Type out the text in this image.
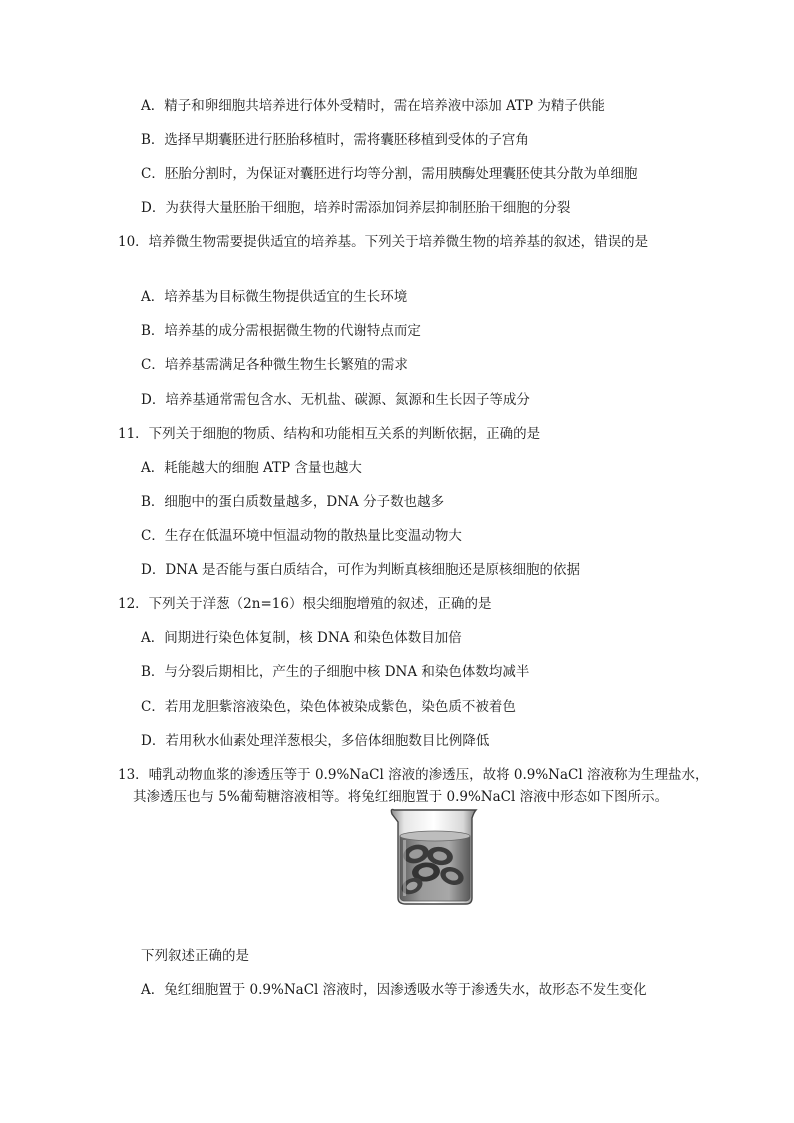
A．精子和卵细胞共培养进行体外受精时，需在培养液中添加 ATP 为精子供能
B．选择早期囊胚进行胚胎移植时，需将囊胚移植到受体的子宫角
C．胚胎分割时，为保证对囊胚进行均等分割，需用胰酶处理囊胚使其分散为单细胞
D．为获得大量胚胎干细胞，培养时需添加饲养层抑制胚胎干细胞的分裂
10．培养微生物需要提供适宜的培养基。下列关于培养微生物的培养基的叙述，错误的是
A．培养基为目标微生物提供适宜的生长环境
B．培养基的成分需根据微生物的代谢特点而定
C．培养基需满足各种微生物生长繁殖的需求
D．培养基通常需包含水、无机盐、碳源、氮源和生长因子等成分
11．下列关于细胞的物质、结构和功能相互关系的判断依据，正确的是
A．耗能越大的细胞 ATP 含量也越大
B．细胞中的蛋白质数量越多，DNA 分子数也越多
C．生存在低温环境中恒温动物的散热量比变温动物大
D．DNA 是否能与蛋白质结合，可作为判断真核细胞还是原核细胞的依据
12．下列关于洋葱（2n=16）根尖细胞增殖的叙述，正确的是
A．间期进行染色体复制，核 DNA 和染色体数目加倍
B．与分裂后期相比，产生的子细胞中核 DNA 和染色体数均减半
C．若用龙胆紫溶液染色，染色体被染成紫色，染色质不被着色
D．若用秋水仙素处理洋葱根尖，多倍体细胞数目比例降低
13．哺乳动物血浆的渗透压等于 0.9%NaCl 溶液的渗透压，故将 0.9%NaCl 溶液称为生理盐水，
其渗透压也与 5%葡萄糖溶液相等。将兔红细胞置于 0.9%NaCl 溶液中形态如下图所示。
下列叙述正确的是
A．兔红细胞置于 0.9%NaCl 溶液时，因渗透吸水等于渗透失水，故形态不发生变化
